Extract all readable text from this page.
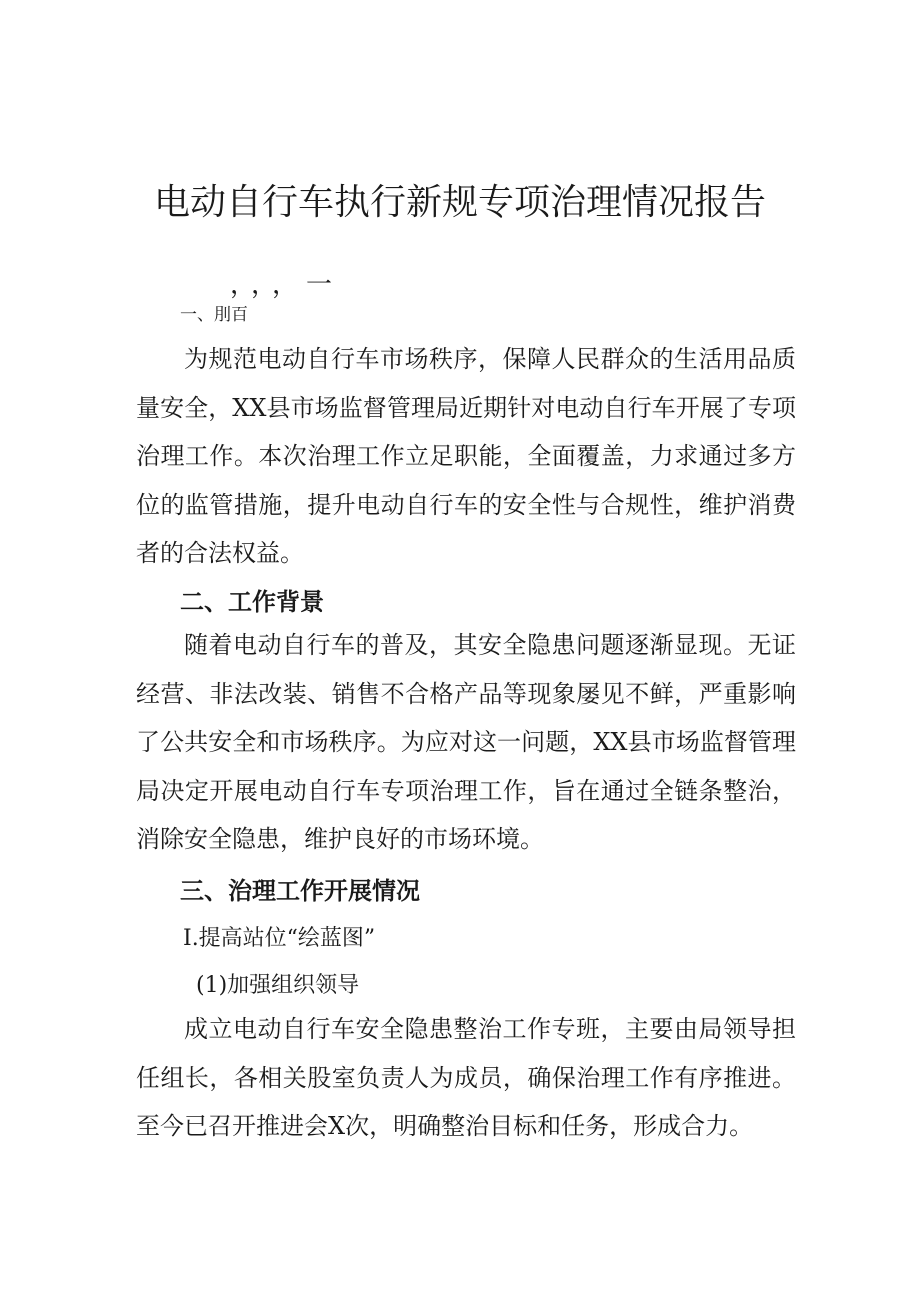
电动自行车执行新规专项治理情况报告
，，，一
一、刖百

为规范电动自行车市场秩序，保障人民群众的生活用品质量安全，XX县市场监督管理局近期针对电动自行车开展了专项治理工作。本次治理工作立足职能，全面覆盖，力求通过多方位的监管措施，提升电动自行车的安全性与合规性，维护消费者的合法权益。

二、工作背景

随着电动自行车的普及，其安全隐患问题逐渐显现。无证经营、非法改装、销售不合格产品等现象屡见不鲜，严重影响了公共安全和市场秩序。为应对这一问题，XX县市场监督管理局决定开展电动自行车专项治理工作，旨在通过全链条整治，消除安全隐患，维护良好的市场环境。

三、治理工作开展情况
I.提高站位“绘蓝图”
(1)加强组织领导

成立电动自行车安全隐患整治工作专班，主要由局领导担任组长，各相关股室负责人为成员，确保治理工作有序推进。至今已召开推进会X次，明确整治目标和任务，形成合力。
